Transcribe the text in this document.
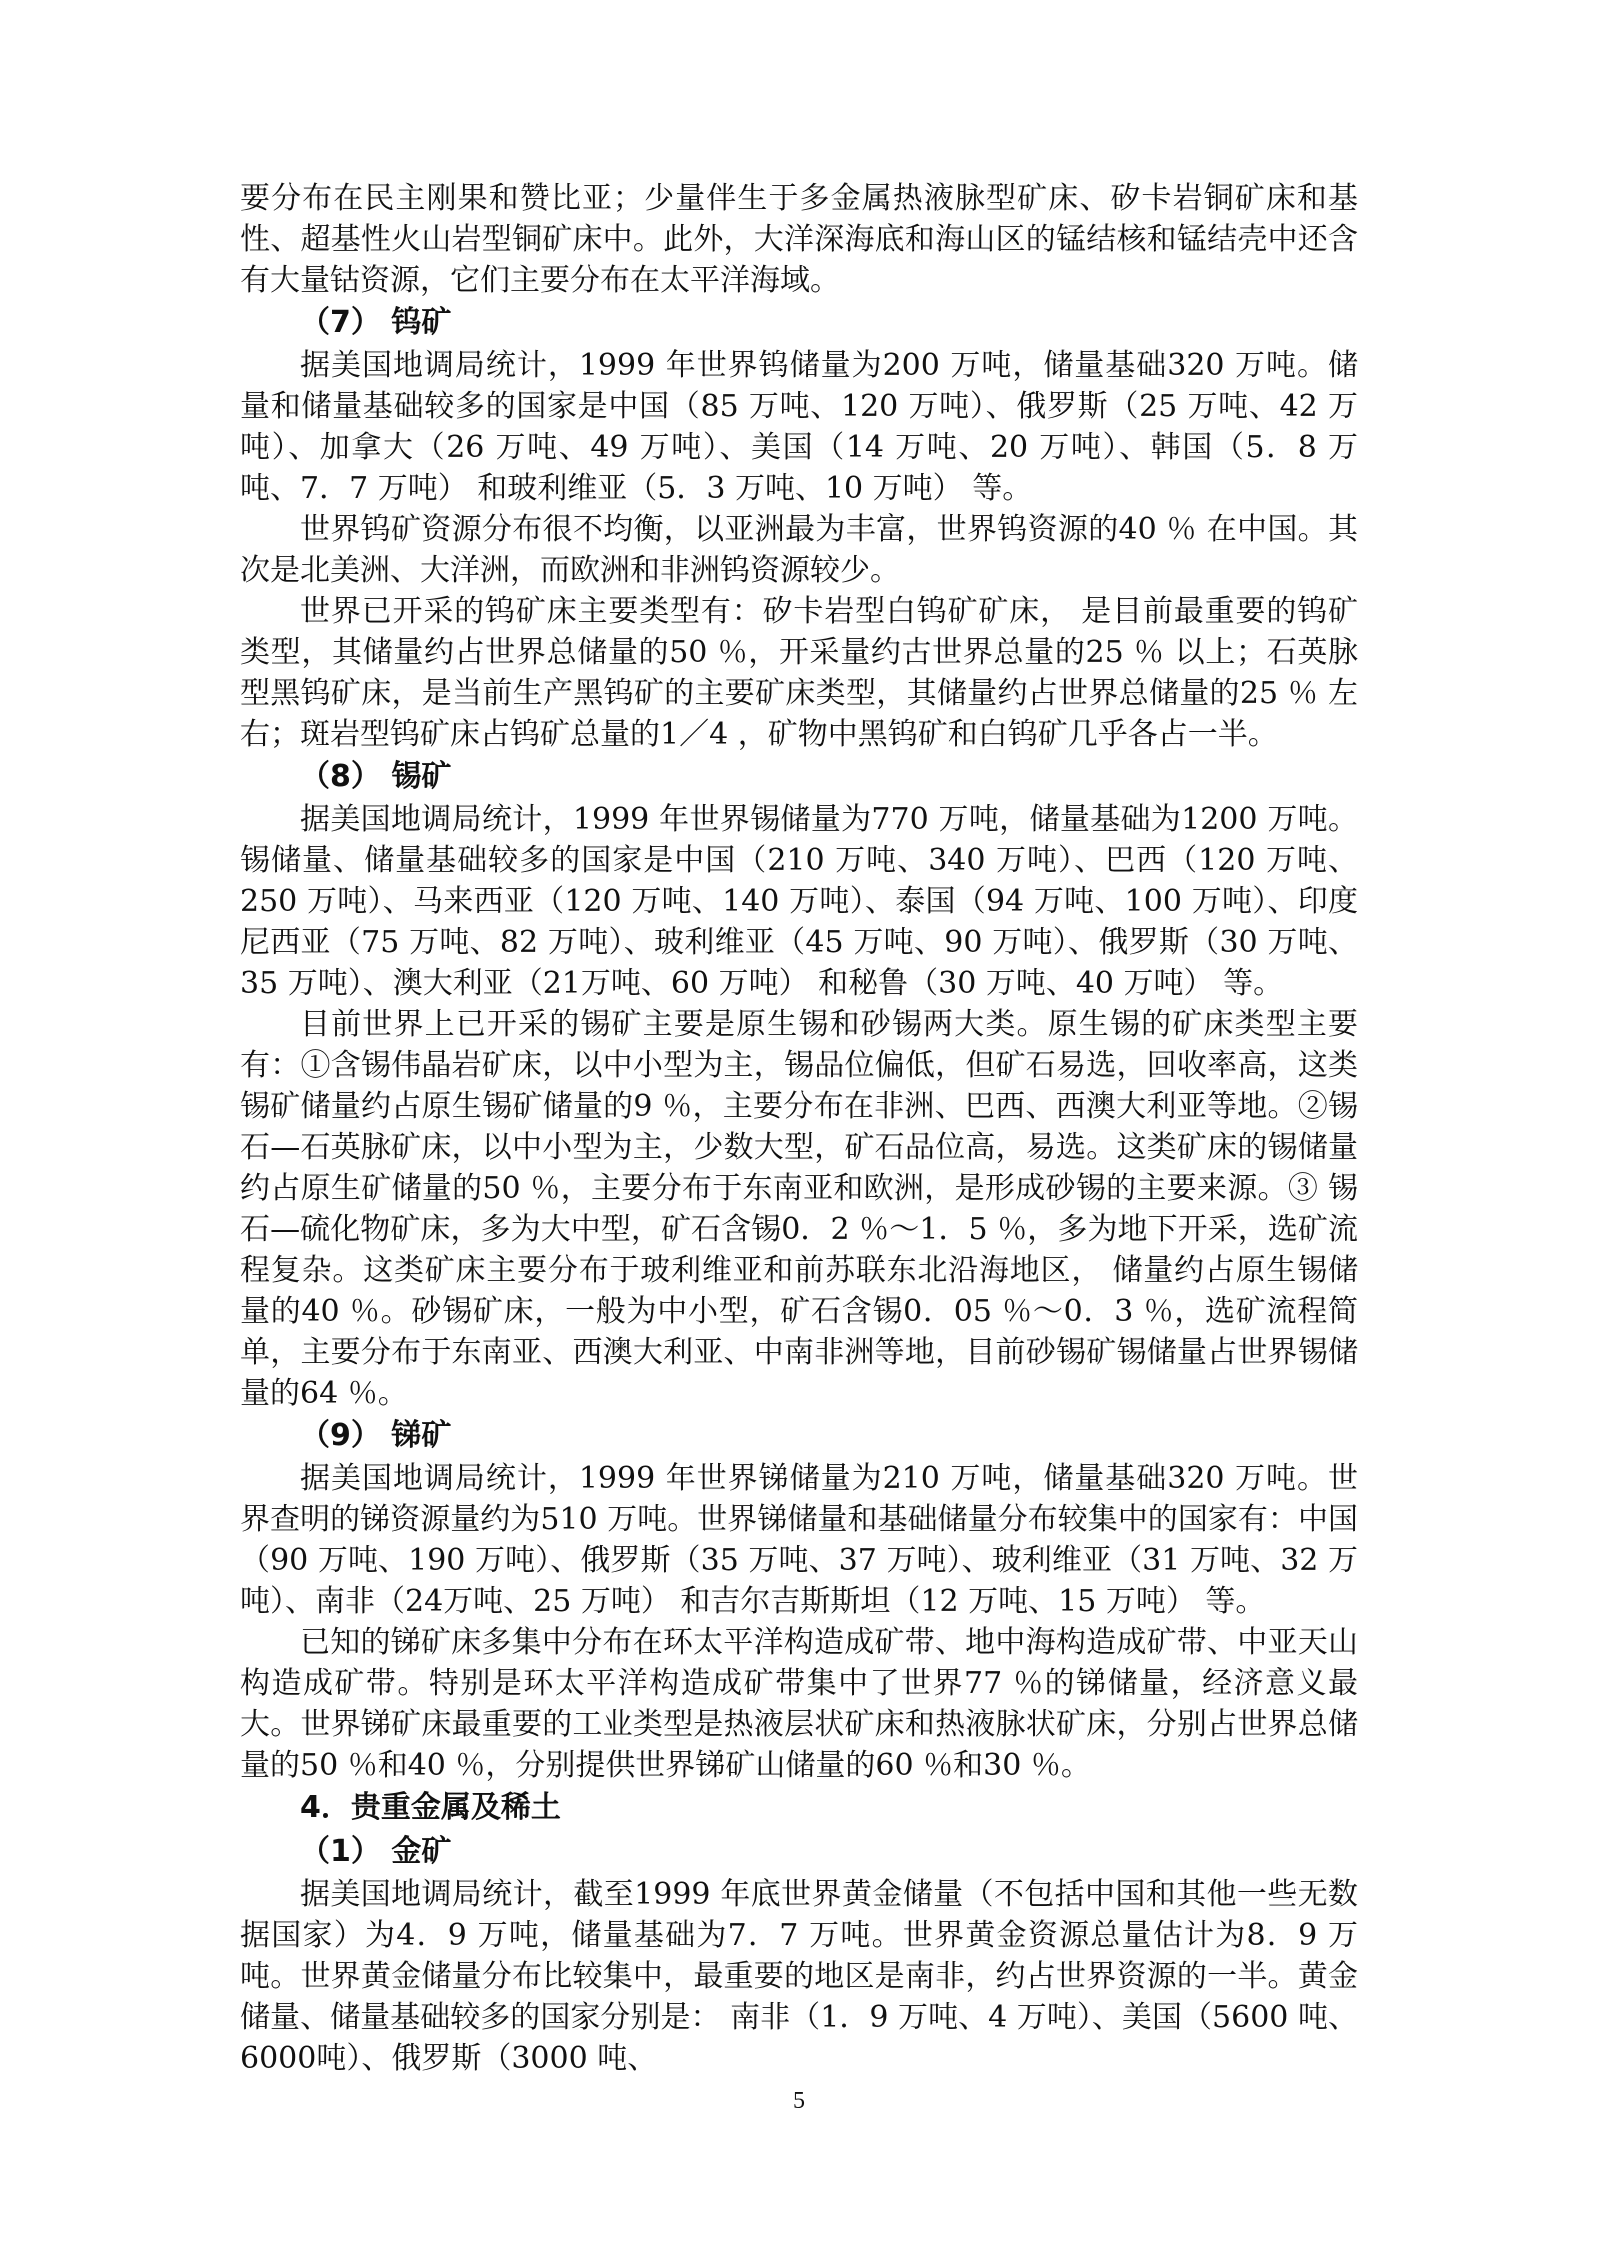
要分布在民主刚果和赞比亚；少量伴生于多金属热液脉型矿床、矽卡岩铜矿床和基性、超基性火山岩型铜矿床中。此外，大洋深海底和海山区的锰结核和锰结壳中还含有大量钴资源，它们主要分布在太平洋海域。

（7） 钨矿

据美国地调局统计，1999 年世界钨储量为200 万吨，储量基础320 万吨。储量和储量基础较多的国家是中国（85 万吨、120 万吨）、俄罗斯（25 万吨、42 万吨）、加拿大（26 万吨、49 万吨）、美国（14 万吨、20 万吨）、韩国（5．8 万吨、7．7 万吨） 和玻利维亚（5．3 万吨、10 万吨） 等。

世界钨矿资源分布很不均衡，以亚洲最为丰富，世界钨资源的40 ％ 在中国。其次是北美洲、大洋洲，而欧洲和非洲钨资源较少。

世界已开采的钨矿床主要类型有：矽卡岩型白钨矿矿床， 是目前最重要的钨矿类型，其储量约占世界总储量的50 ％，开采量约古世界总量的25 ％ 以上；石英脉型黑钨矿床，是当前生产黑钨矿的主要矿床类型，其储量约占世界总储量的25 ％ 左右；斑岩型钨矿床占钨矿总量的1／4 ，矿物中黑钨矿和白钨矿几乎各占一半。

（8） 锡矿

据美国地调局统计，1999 年世界锡储量为770 万吨，储量基础为1200 万吨。锡储量、储量基础较多的国家是中国（210 万吨、340 万吨）、巴西（120 万吨、250 万吨）、马来西亚（120 万吨、140 万吨）、泰国（94 万吨、100 万吨）、印度尼西亚（75 万吨、82 万吨）、玻利维亚（45 万吨、90 万吨）、俄罗斯（30 万吨、35 万吨）、澳大利亚（21万吨、60 万吨） 和秘鲁（30 万吨、40 万吨） 等。

目前世界上已开采的锡矿主要是原生锡和砂锡两大类。原生锡的矿床类型主要有：①含锡伟晶岩矿床，以中小型为主，锡品位偏低，但矿石易选，回收率高，这类锡矿储量约占原生锡矿储量的9 ％，主要分布在非洲、巴西、西澳大利亚等地。②锡石—石英脉矿床，以中小型为主，少数大型，矿石品位高，易选。这类矿床的锡储量约占原生矿储量的50 ％，主要分布于东南亚和欧洲，是形成砂锡的主要来源。③ 锡石—硫化物矿床，多为大中型，矿石含锡0．2 ％～1．5 ％，多为地下开采，选矿流程复杂。这类矿床主要分布于玻利维亚和前苏联东北沿海地区， 储量约占原生锡储量的40 ％。砂锡矿床，一般为中小型，矿石含锡0．05 ％～0．3 ％，选矿流程简单，主要分布于东南亚、西澳大利亚、中南非洲等地，目前砂锡矿锡储量占世界锡储量的64 ％。

（9） 锑矿

据美国地调局统计，1999 年世界锑储量为210 万吨，储量基础320 万吨。世界查明的锑资源量约为510 万吨。世界锑储量和基础储量分布较集中的国家有：中国（90 万吨、190 万吨）、俄罗斯（35 万吨、37 万吨）、玻利维亚（31 万吨、32 万吨）、南非（24万吨、25 万吨） 和吉尔吉斯斯坦（12 万吨、15 万吨） 等。

已知的锑矿床多集中分布在环太平洋构造成矿带、地中海构造成矿带、中亚天山构造成矿带。特别是环太平洋构造成矿带集中了世界77 ％的锑储量，经济意义最大。世界锑矿床最重要的工业类型是热液层状矿床和热液脉状矿床，分别占世界总储量的50 ％和40 ％，分别提供世界锑矿山储量的60 ％和30 ％。

4．贵重金属及稀土

（1） 金矿

据美国地调局统计，截至1999 年底世界黄金储量（不包括中国和其他一些无数据国家）为4．9 万吨，储量基础为7．7 万吨。世界黄金资源总量估计为8．9 万吨。世界黄金储量分布比较集中，最重要的地区是南非，约占世界资源的一半。黄金储量、储量基础较多的国家分别是： 南非（1．9 万吨、4 万吨）、美国（5600 吨、6000吨）、俄罗斯（3000 吨、

5
